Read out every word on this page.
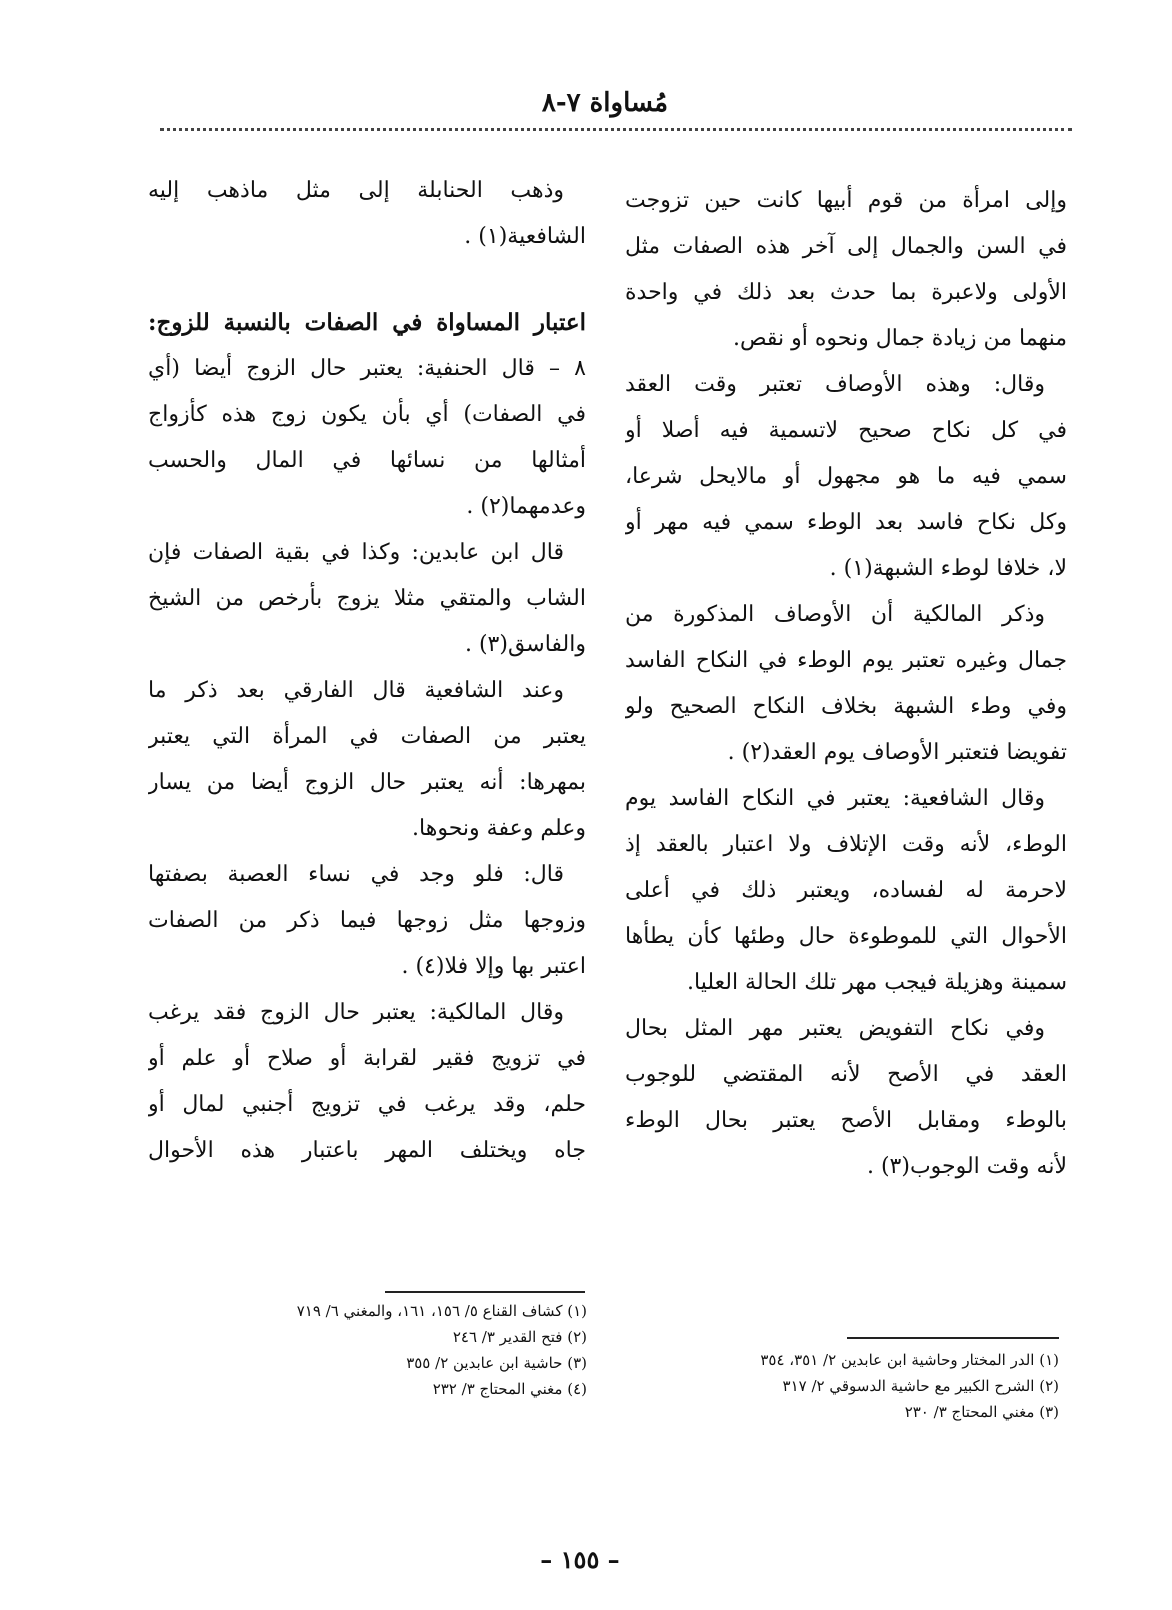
مُساواة ٧-٨
وإلى امرأة من قوم أبيها كانت حين تزوجت
في السن والجمال إلى آخر هذه الصفات مثل
الأولى ولاعبرة بما حدث بعد ذلك في واحدة
منهما من زيادة جمال ونحوه أو نقص.
وقال: وهذه الأوصاف تعتبر وقت العقد
في كل نكاح صحيح لاتسمية فيه أصلا أو
سمي فيه ما هو مجهول أو مالايحل شرعا،
وكل نكاح فاسد بعد الوطء سمي فيه مهر أو
لا، خلافا لوطء الشبهة(١) .
وذكر المالكية أن الأوصاف المذكورة من
جمال وغيره تعتبر يوم الوطء في النكاح الفاسد
وفي وطء الشبهة بخلاف النكاح الصحيح ولو
تفويضا فتعتبر الأوصاف يوم العقد(٢) .
وقال الشافعية: يعتبر في النكاح الفاسد يوم
الوطء، لأنه وقت الإتلاف ولا اعتبار بالعقد إذ
لاحرمة له لفساده، ويعتبر ذلك في أعلى
الأحوال التي للموطوءة حال وطئها كأن يطأها
سمينة وهزيلة فيجب مهر تلك الحالة العليا.
وفي نكاح التفويض يعتبر مهر المثل بحال
العقد في الأصح لأنه المقتضي للوجوب
بالوطء ومقابل الأصح يعتبر بحال الوطء
لأنه وقت الوجوب(٣) .
وذهب الحنابلة إلى مثل ماذهب إليه
الشافعية(١) .
اعتبار المساواة في الصفات بالنسبة للزوج:
٨ – قال الحنفية: يعتبر حال الزوج أيضا (أي
في الصفات) أي بأن يكون زوج هذه كأزواج
أمثالها من نسائها في المال والحسب
وعدمهما(٢) .
قال ابن عابدين: وكذا في بقية الصفات فإن
الشاب والمتقي مثلا يزوج بأرخص من الشيخ
والفاسق(٣) .
وعند الشافعية قال الفارقي بعد ذكر ما
يعتبر من الصفات في المرأة التي يعتبر
بمهرها: أنه يعتبر حال الزوج أيضا من يسار
وعلم وعفة ونحوها.
قال: فلو وجد في نساء العصبة بصفتها
وزوجها مثل زوجها فيما ذكر من الصفات
اعتبر بها وإلا فلا(٤) .
وقال المالكية: يعتبر حال الزوج فقد يرغب
في تزويج فقير لقرابة أو صلاح أو علم أو
حلم، وقد يرغب في تزويج أجنبي لمال أو
جاه ويختلف المهر باعتبار هذه الأحوال
(١) كشاف القناع ٥/ ١٥٦، ١٦١، والمغني ٦/ ٧١٩
(٢) فتح القدير ٣/ ٢٤٦
(٣) حاشية ابن عابدين ٢/ ٣٥٥
(٤) مغني المحتاج ٣/ ٢٣٢
(١) الدر المختار وحاشية ابن عابدين ٢/ ٣٥١، ٣٥٤
(٢) الشرح الكبير مع حاشية الدسوقي ٢/ ٣١٧
(٣) مغني المحتاج ٣/ ٢٣٠
– ١٥٥ –
